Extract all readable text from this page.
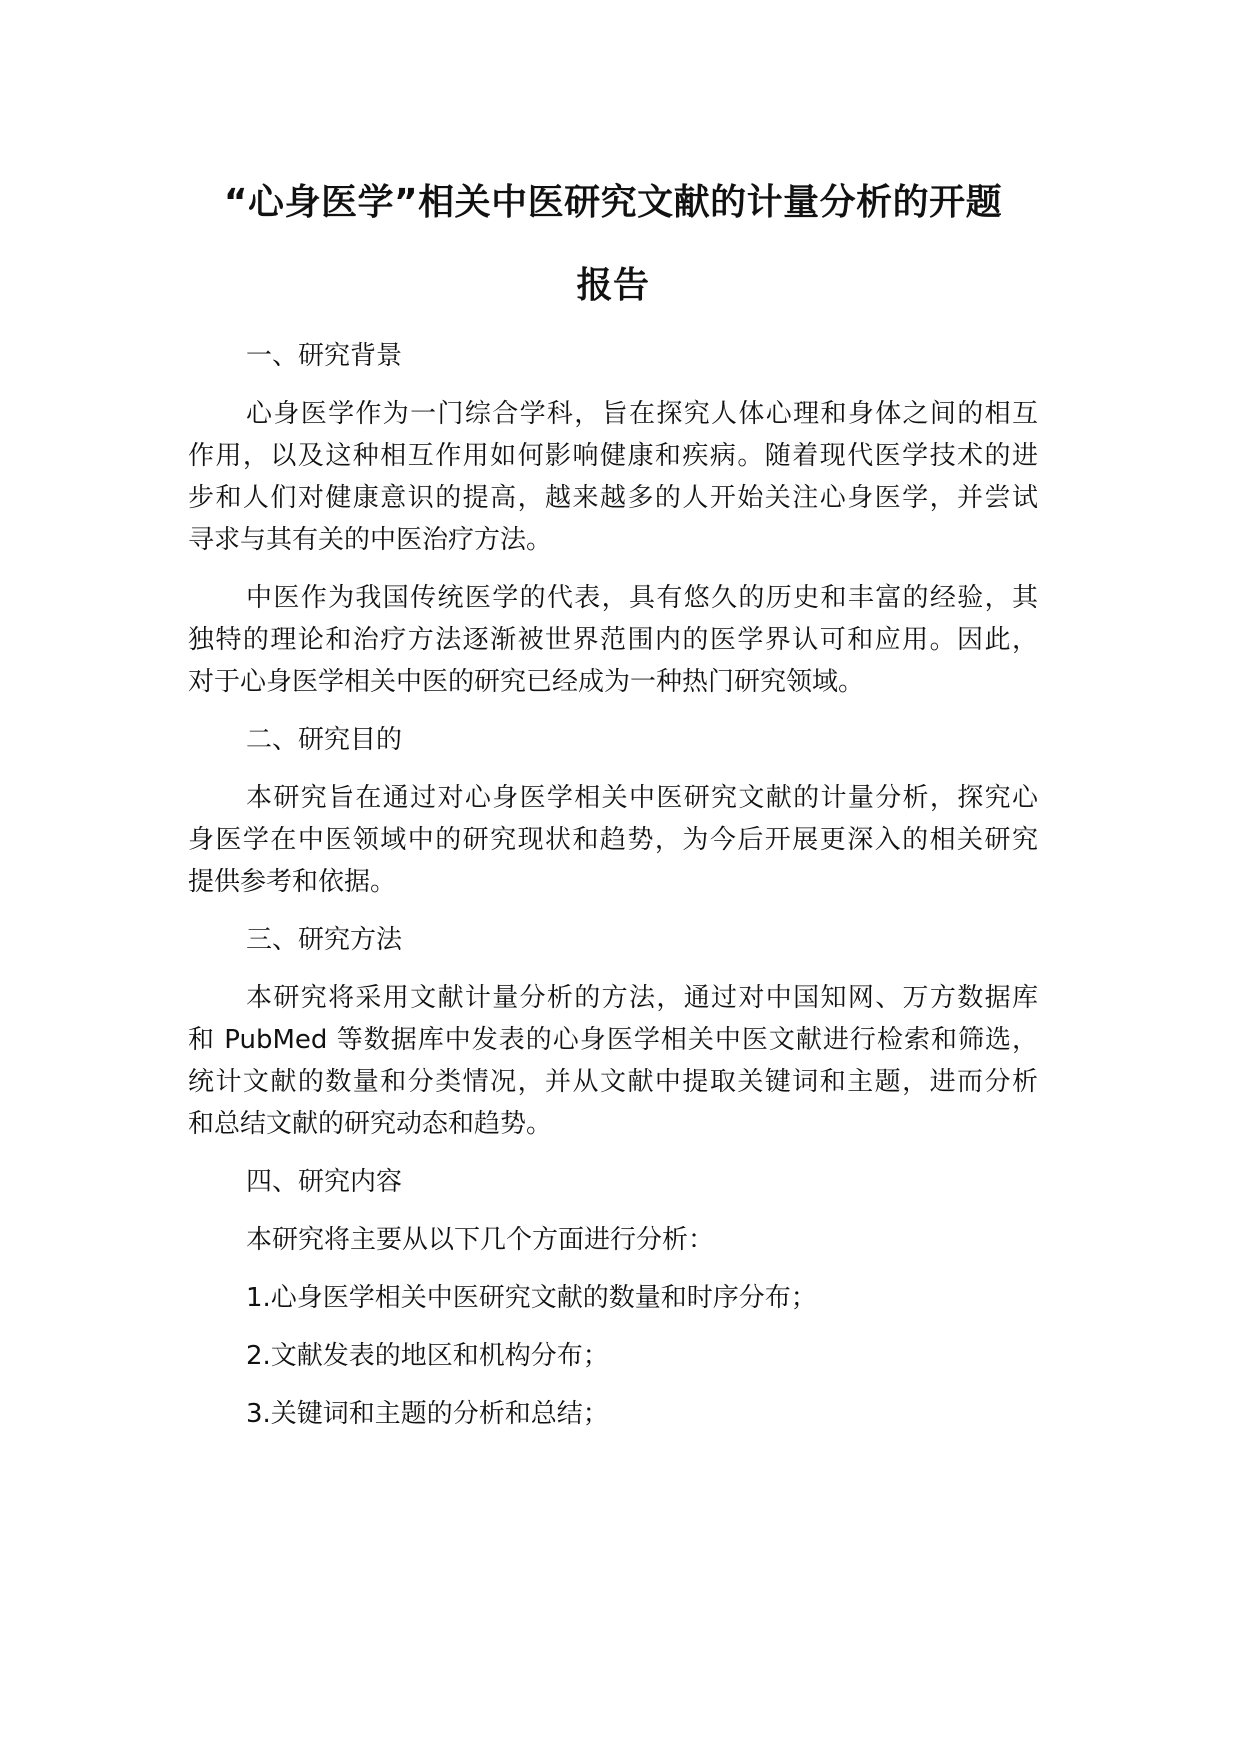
“心身医学”相关中医研究文献的计量分析的开题
报告
一、研究背景
心身医学作为一门综合学科，旨在探究人体心理和身体之间的相互
作用，以及这种相互作用如何影响健康和疾病。随着现代医学技术的进
步和人们对健康意识的提高，越来越多的人开始关注心身医学，并尝试
寻求与其有关的中医治疗方法。
中医作为我国传统医学的代表，具有悠久的历史和丰富的经验，其
独特的理论和治疗方法逐渐被世界范围内的医学界认可和应用。因此，
对于心身医学相关中医的研究已经成为一种热门研究领域。
二、研究目的
本研究旨在通过对心身医学相关中医研究文献的计量分析，探究心
身医学在中医领域中的研究现状和趋势，为今后开展更深入的相关研究
提供参考和依据。
三、研究方法
本研究将采用文献计量分析的方法，通过对中国知网、万方数据库
和 PubMed 等数据库中发表的心身医学相关中医文献进行检索和筛选，
统计文献的数量和分类情况，并从文献中提取关键词和主题，进而分析
和总结文献的研究动态和趋势。
四、研究内容
本研究将主要从以下几个方面进行分析：
1.心身医学相关中医研究文献的数量和时序分布；
2.文献发表的地区和机构分布；
3.关键词和主题的分析和总结；
